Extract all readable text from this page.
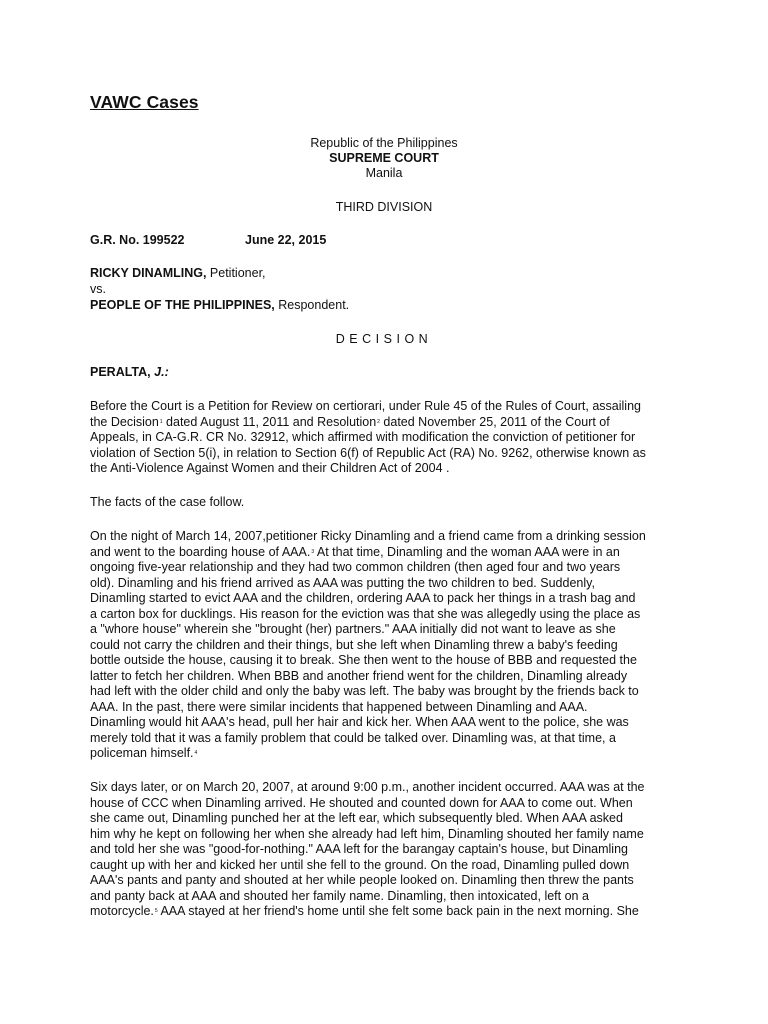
VAWC Cases
Republic of the Philippines
SUPREME COURT
Manila
THIRD DIVISION
G.R. No. 199522	June 22, 2015
RICKY DINAMLING, Petitioner,
vs.
PEOPLE OF THE PHILIPPINES, Respondent.
DECISION
PERALTA, J.:

Before the Court is a Petition for Review on certiorari, under Rule 45 of the Rules of Court, assailing
the Decision$^1$ dated August 11, 2011 and Resolution$^2$ dated November 25, 2011 of the Court of
Appeals, in CA-G.R. CR No. 32912, which affirmed with modification the conviction of petitioner for
violation of Section 5(i), in relation to Section 6(f) of Republic Act (RA) No. 9262, otherwise known as
the Anti-Violence Against Women and their Children Act of 2004 .

The facts of the case follow.

On the night of March 14, 2007,petitioner Ricky Dinamling and a friend came from a drinking session
and went to the boarding house of AAA.$^3$ At that time, Dinamling and the woman AAA were in an
ongoing five-year relationship and they had two common children (then aged four and two years
old). Dinamling and his friend arrived as AAA was putting the two children to bed. Suddenly,
Dinamling started to evict AAA and the children, ordering AAA to pack her things in a trash bag and
a carton box for ducklings. His reason for the eviction was that she was allegedly using the place as
a "whore house" wherein she "brought (her) partners." AAA initially did not want to leave as she
could not carry the children and their things, but she left when Dinamling threw a baby's feeding
bottle outside the house, causing it to break. She then went to the house of BBB and requested the
latter to fetch her children. When BBB and another friend went for the children, Dinamling already
had left with the older child and only the baby was left. The baby was brought by the friends back to
AAA. In the past, there were similar incidents that happened between Dinamling and AAA.
Dinamling would hit AAA's head, pull her hair and kick her. When AAA went to the police, she was
merely told that it was a family problem that could be talked over. Dinamling was, at that time, a
policeman himself.$^4$

Six days later, or on March 20, 2007, at around 9:00 p.m., another incident occurred. AAA was at the
house of CCC when Dinamling arrived. He shouted and counted down for AAA to come out. When
she came out, Dinamling punched her at the left ear, which subsequently bled. When AAA asked
him why he kept on following her when she already had left him, Dinamling shouted her family name
and told her she was "good-for-nothing." AAA left for the barangay captain's house, but Dinamling
caught up with her and kicked her until she fell to the ground. On the road, Dinamling pulled down
AAA's pants and panty and shouted at her while people looked on. Dinamling then threw the pants
and panty back at AAA and shouted her family name. Dinamling, then intoxicated, left on a
motorcycle.$^5$ AAA stayed at her friend's home until she felt some back pain in the next morning. She
